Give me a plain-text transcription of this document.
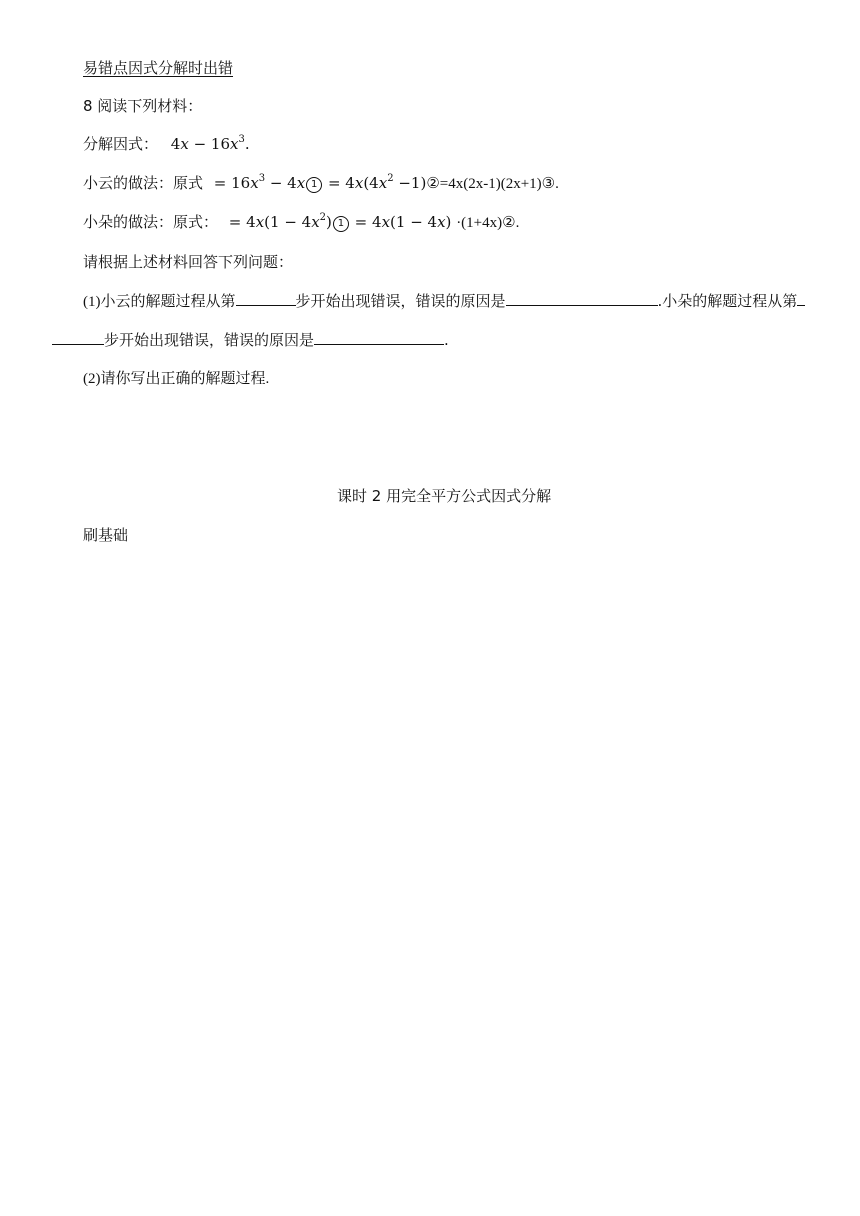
易错点因式分解时出错
8 阅读下列材料：
分解因式： $4x - 16x^3$.
小云的做法：原式 = $16x^3 - 4x$ $1 = 4x(4x^2$ −1)②=4x(2x-1)(2x+1)③.
小朵的做法：原式： = $4x(1 - 4x^2)$ 1 = 4x(1 − 4x) ·(1+4x)②.
请根据上述材料回答下列问题：
(1)小云的解题过程从第	步开始出现错误，错误的原因是	.小朵的解题过程从第
步开始出现错误，错误的原因是	.
(2)请你写出正确的解题过程.
课时 2 用完全平方公式因式分解
刷基础
